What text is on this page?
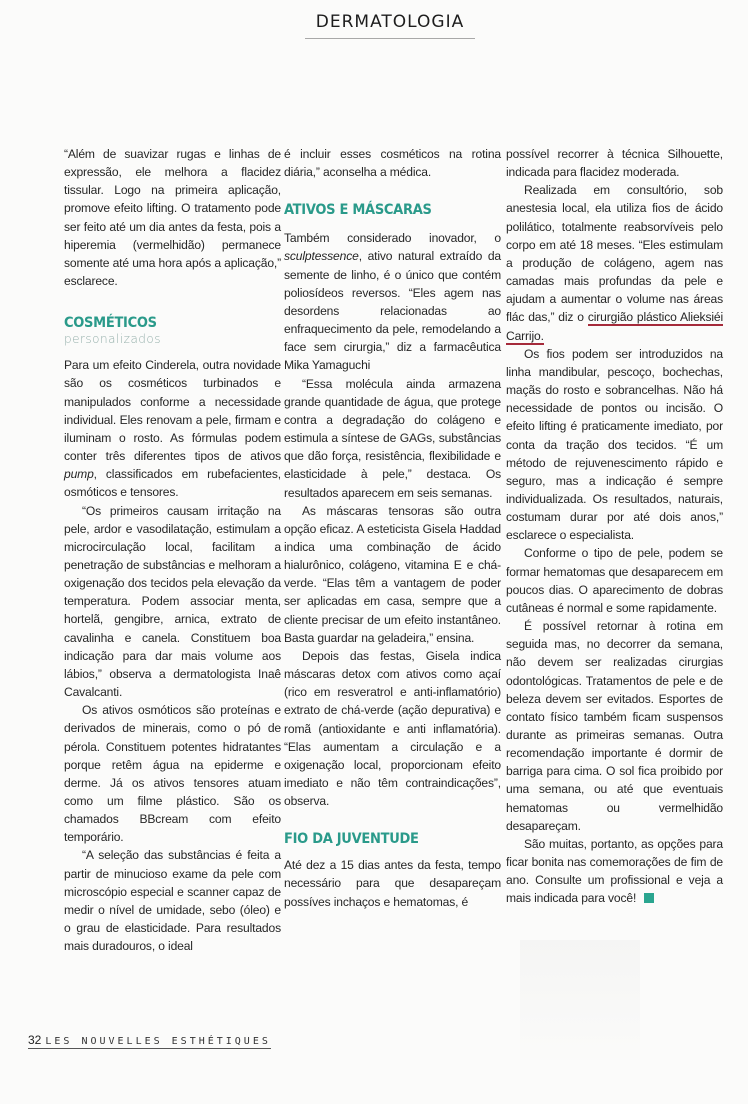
DERMATOLOGIA

“Além de suavizar rugas e linhas de expressão, ele melhora a flacidez tissular. Logo na primeira aplicação, promove efeito lifting. O tratamento pode ser feito até um dia antes da festa, pois a hiperemia (vermelhidão) permanece somente até uma hora após a aplicação,” esclarece.

COSMÉTICOS
personalizados

Para um efeito Cinderela, outra novidade são os cosméticos turbinados e manipulados conforme a necessidade individual. Eles renovam a pele, firmam e iluminam o rosto. As fórmulas podem conter três diferentes tipos de ativos pump, classificados em rubefacientes, osmóticos e tensores.

“Os primeiros causam irritação na pele, ardor e vasodilatação, estimulam a microcirculação local, facilitam a penetração de substâncias e melhoram a oxigenação dos tecidos pela elevação da temperatura. Podem associar menta, hortelã, gengibre, arnica, extrato de cavalinha e canela. Constituem boa indicação para dar mais volume aos lábios,” observa a dermatologista Inaê Cavalcanti.

Os ativos osmóticos são proteínas e derivados de minerais, como o pó de pérola. Constituem potentes hidratantes porque retêm água na epiderme e derme. Já os ativos tensores atuam como um filme plástico. São os chamados BBcream com efeito temporário.

“A seleção das substâncias é feita a partir de minucioso exame da pele com microscópio especial e scanner capaz de medir o nível de umidade, sebo (óleo) e o grau de elasticidade. Para resultados mais duradouros, o ideal

é incluir esses cosméticos na rotina diária,” aconselha a médica.

ATIVOS E MÁSCARAS

Também considerado inovador, o sculptessence, ativo natural extraído da semente de linho, é o único que contém poliosídeos reversos. “Eles agem nas desordens relacionadas ao enfraquecimento da pele, remodelando a face sem cirurgia,” diz a farmacêutica Mika Yamaguchi

“Essa molécula ainda armazena grande quantidade de água, que protege contra a degradação do colágeno e estimula a síntese de GAGs, substâncias que dão força, resistência, flexibilidade e elasticidade à pele,” destaca. Os resultados aparecem em seis semanas.

As máscaras tensoras são outra opção eficaz. A esteticista Gisela Haddad indica uma combinação de ácido hialurônico, colágeno, vitamina E e chá-verde. “Elas têm a vantagem de poder ser aplicadas em casa, sempre que a cliente precisar de um efeito instantâneo. Basta guardar na geladeira,” ensina.

Depois das festas, Gisela indica máscaras detox com ativos como açaí (rico em resveratrol e anti-inflamatório) extrato de chá-verde (ação depurativa) e romã (antioxidante e anti inflamatória). “Elas aumentam a circulação e a oxigenação local, proporcionam efeito imediato e não têm contraindicações”, observa.

FIO DA JUVENTUDE

Até dez a 15 dias antes da festa, tempo necessário para que desapareçam possíves inchaços e hematomas, é

possível recorrer à técnica Silhouette, indicada para flacidez moderada.

Realizada em consultório, sob anestesia local, ela utiliza fios de ácido polilático, totalmente reabsorvíveis pelo corpo em até 18 meses. “Eles estimulam a produção de colágeno, agem nas camadas mais profundas da pele e ajudam a aumentar o volume nas áreas flác das,” diz o cirurgião plástico Alieksiéi Carrijo.

Os fios podem ser introduzidos na linha mandibular, pescoço, bochechas, maçãs do rosto e sobrancelhas. Não há necessidade de pontos ou incisão. O efeito lifting é praticamente imediato, por conta da tração dos tecidos. “É um método de rejuvenescimento rápido e seguro, mas a indicação é sempre individualizada. Os resultados, naturais, costumam durar por até dois anos,” esclarece o especialista.

Conforme o tipo de pele, podem se formar hematomas que desaparecem em poucos dias. O aparecimento de dobras cutâneas é normal e some rapidamente.

É possível retornar à rotina em seguida mas, no decorrer da semana, não devem ser realizadas cirurgias odontológicas. Tratamentos de pele e de beleza devem ser evitados. Esportes de contato físico também ficam suspensos durante as primeiras semanas. Outra recomendação importante é dormir de barriga para cima. O sol fica proibido por uma semana, ou até que eventuais hematomas ou vermelhidão desapareçam.

São muitas, portanto, as opções para ficar bonita nas comemorações de fim de ano. Consulte um profissional e veja a mais indicada para você!

32 LES NOUVELLES ESTHÉTIQUES
